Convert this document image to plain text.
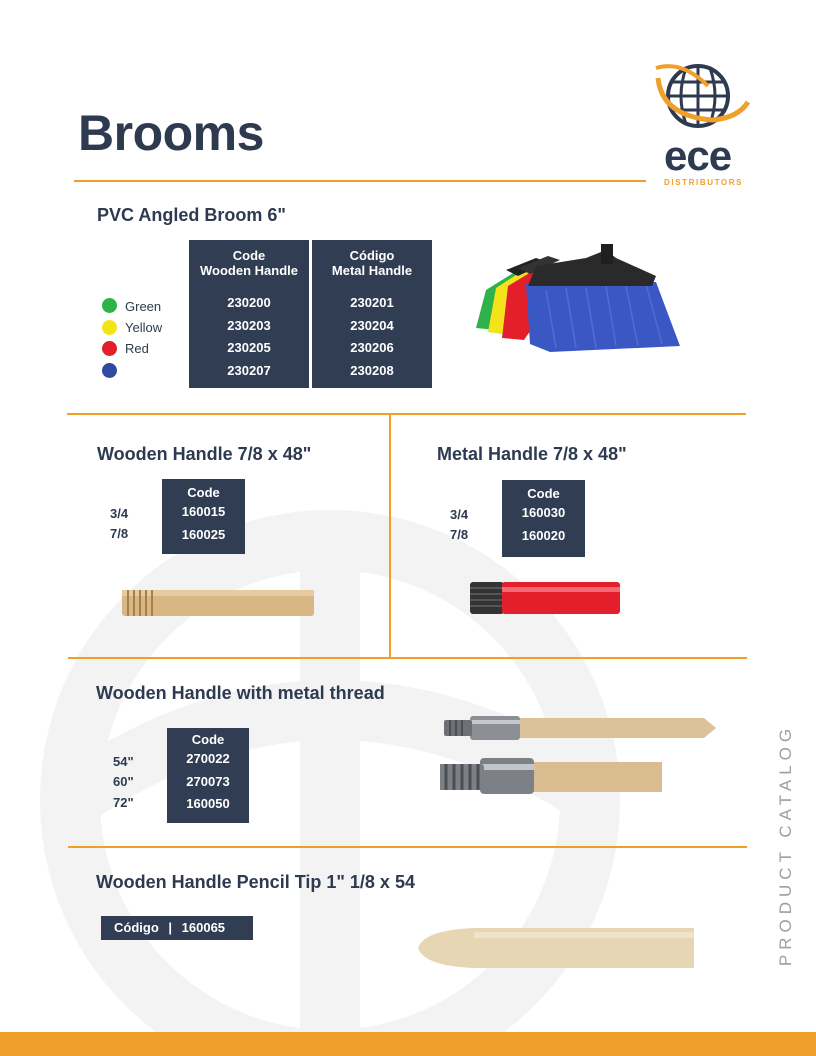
Brooms	ece
DISTRIBUTORS
PVC Angled Broom 6"
Green
Yellow
Red
Code
Wooden Handle
230200
230203
230205
230207
Código
Metal Handle
230201
230204
230206
230208
Wooden Handle 7/8 x 48"
3/4
7/8
Code
160015
160025
Metal Handle 7/8 x 48"
3/4
7/8
Code
160030
160020
Wooden Handle with metal thread
54"
60"
72"
Code
270022
270073
160050
Wooden Handle Pencil Tip 1" 1/8 x 54
Código | 160065	PRODUCT CATALOG
